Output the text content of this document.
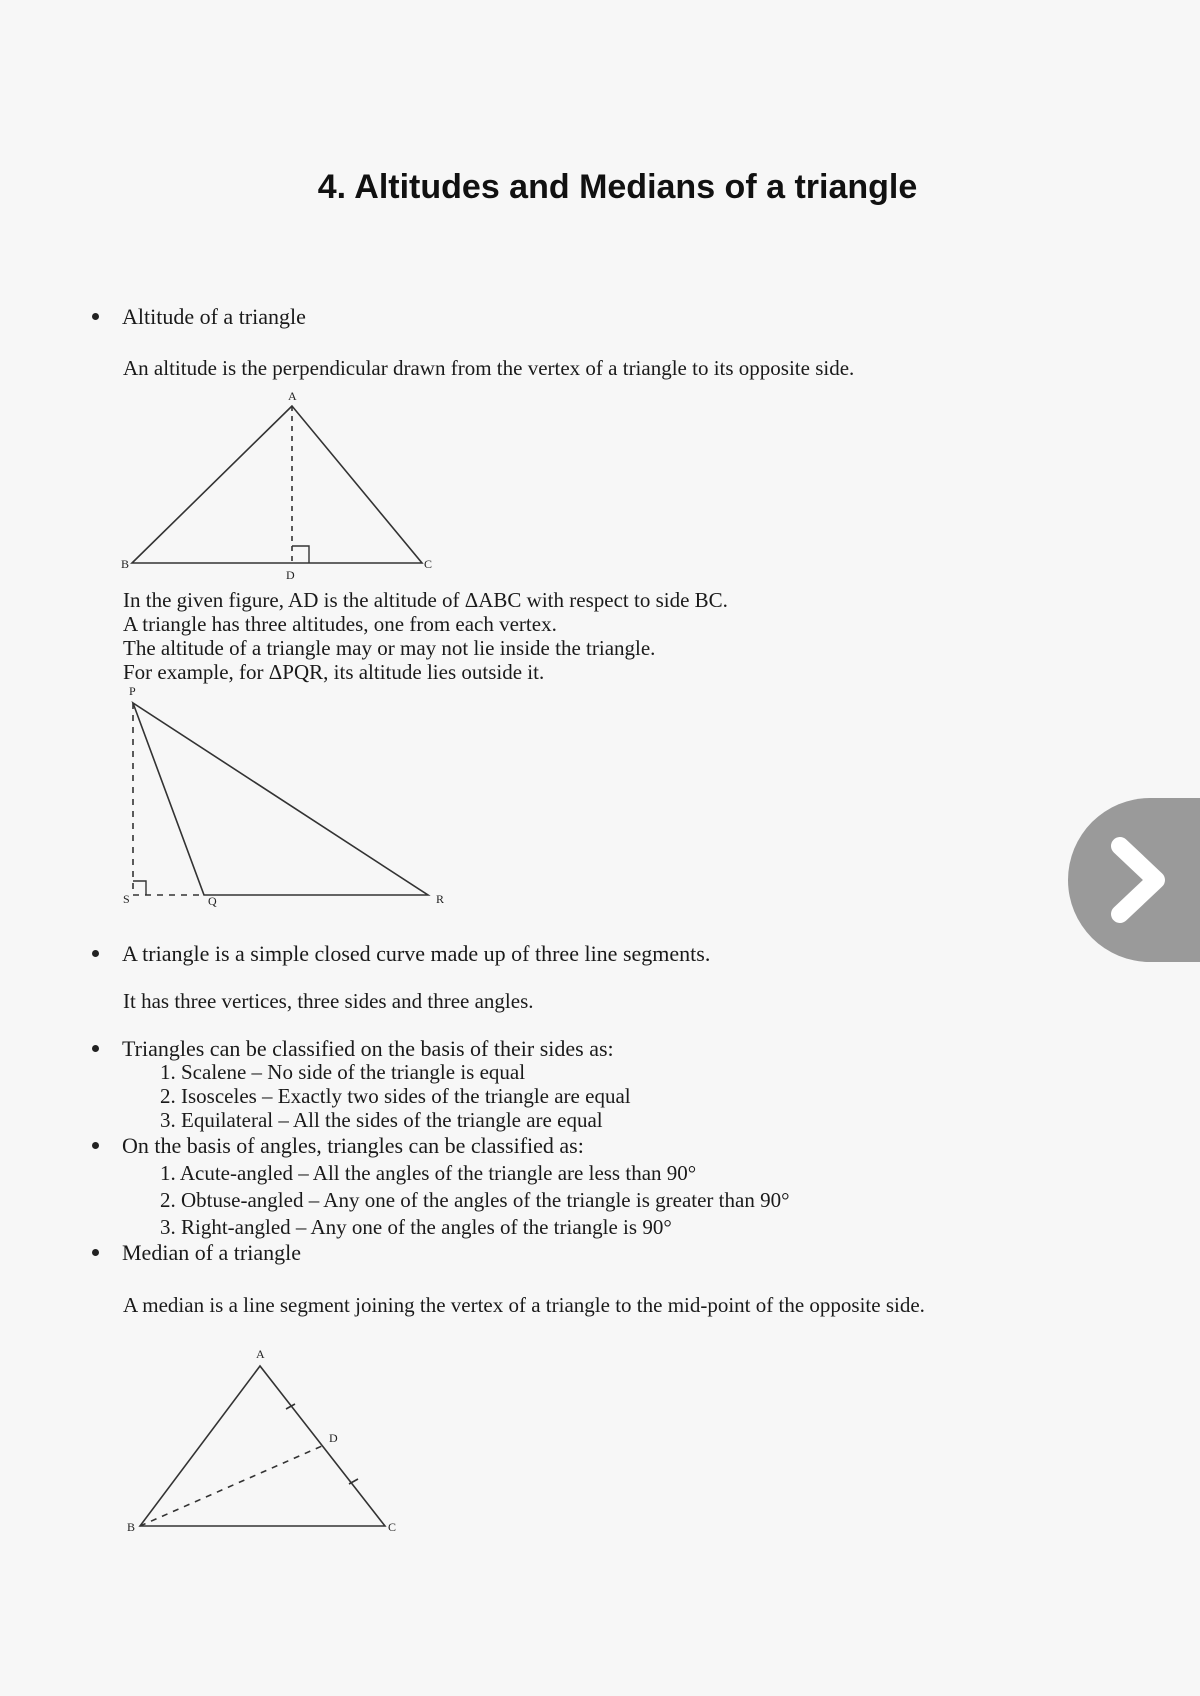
4. Altitudes and Medians of a triangle
Altitude of a triangle
An altitude is the perpendicular drawn from the vertex of a triangle to its opposite side.
A
B	C
D
In the given figure, AD is the altitude of ΔABC with respect to side BC.
A triangle has three altitudes, one from each vertex.
The altitude of a triangle may or may not lie inside the triangle.
For example, for ΔPQR, its altitude lies outside it.
P
S	Q	R
A triangle is a simple closed curve made up of three line segments.
It has three vertices, three sides and three angles.
Triangles can be classified on the basis of their sides as:
1. Scalene – No side of the triangle is equal
2. Isosceles – Exactly two sides of the triangle are equal
3. Equilateral – All the sides of the triangle are equal
On the basis of angles, triangles can be classified as:
1. Acute-angled – All the angles of the triangle are less than 90°
2. Obtuse-angled – Any one of the angles of the triangle is greater than 90°
3. Right-angled – Any one of the angles of the triangle is 90°
Median of a triangle
A median is a line segment joining the vertex of a triangle to the mid-point of the opposite side.
A
B	C
D
